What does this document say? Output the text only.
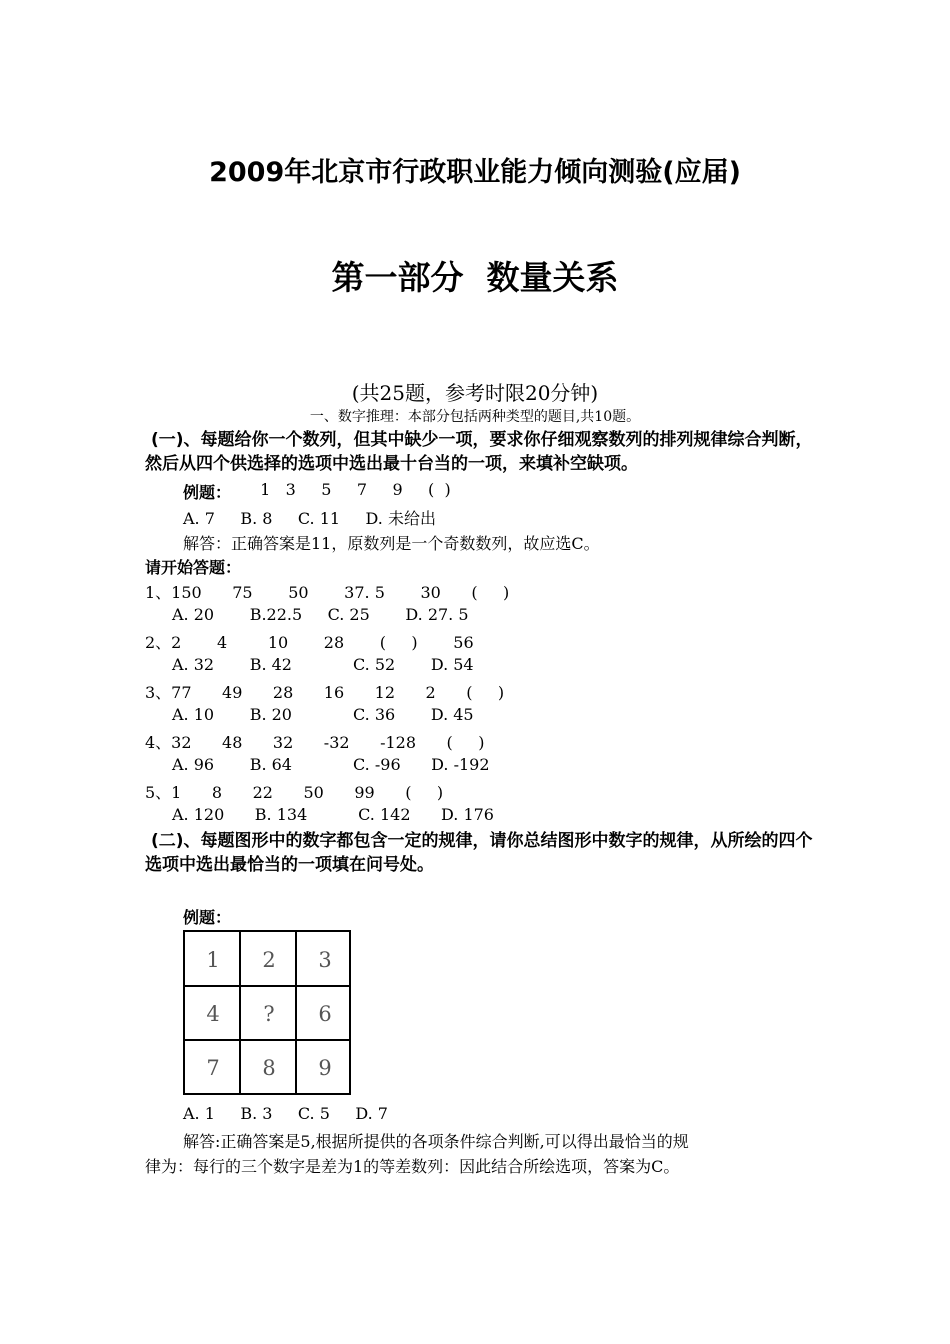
2009年北京市行政职业能力倾向测验(应届)
第一部分  数量关系
(共25题，参考时限20分钟)
一、数字推理：本部分包括两种类型的题目,共10题。
(一)、每题给你一个数列，但其中缺少一项，要求你仔细观察数列的排列规律综合判断，然后从四个供选择的选项中选出最十台当的一项，来填补空缺项。
例题： 1   3     5     7     9     (  )
A. 7     B. 8     C. 11     D. 未给出
解答：正确答案是11，原数列是一个奇数数列，故应选C。
请开始答题：
1、150      75       50       37. 5       30      (     )
A. 20       B.22.5     C. 25       D. 27. 5
2、2       4        10       28       (     )       56
A. 32       B. 42            C. 52       D. 54
3、77      49      28      16      12      2      (     )
A. 10       B. 20            C. 36       D. 45
4、32      48      32      -32      -128      (     )
A. 96       B. 64            C. -96      D. -192
5、1      8      22      50      99      (     )
A. 120      B. 134          C. 142      D. 176
(二)、每题图形中的数字都包含一定的规律，请你总结图形中数字的规律，从所绘的四个选项中选出最恰当的一项填在问号处。
例题：
1	2	3
4	?	6
7	8	9
A. 1     B. 3     C. 5     D. 7
解答:正确答案是5,根据所提供的各项条件综合判断,可以得出最恰当的规
律为：每行的三个数字是差为1的等差数列：因此结合所绘选项，答案为C。
